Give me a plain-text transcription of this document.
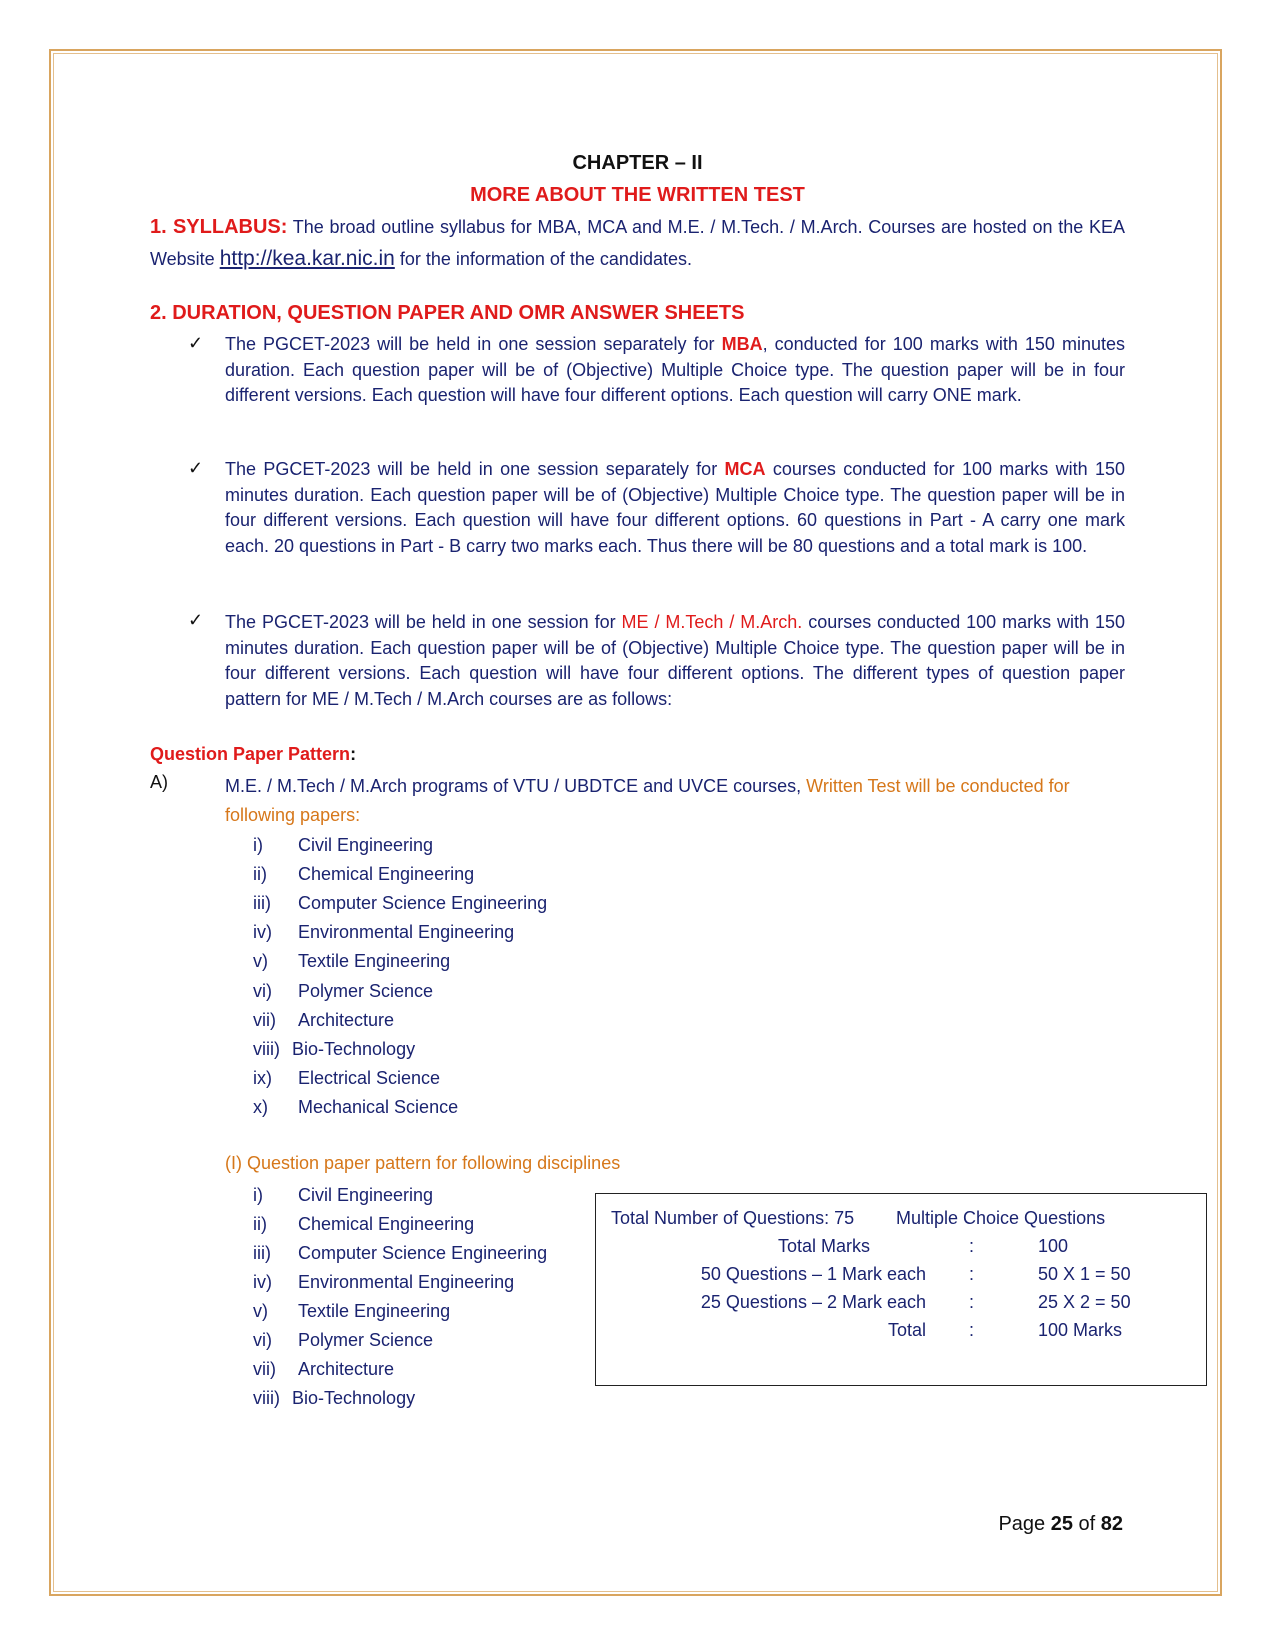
CHAPTER – II
MORE ABOUT THE WRITTEN TEST
1. SYLLABUS: The broad outline syllabus for MBA, MCA and M.E. / M.Tech. / M.Arch. Courses are hosted on the KEA Website http://kea.kar.nic.in for the information of the candidates.
2. DURATION, QUESTION PAPER AND OMR ANSWER SHEETS
✓ The PGCET-2023 will be held in one session separately for MBA, conducted for 100 marks with 150 minutes duration. Each question paper will be of (Objective) Multiple Choice type. The question paper will be in four different versions. Each question will have four different options. Each question will carry ONE mark.
✓ The PGCET-2023 will be held in one session separately for MCA courses conducted for 100 marks with 150 minutes duration. Each question paper will be of (Objective) Multiple Choice type. The question paper will be in four different versions. Each question will have four different options. 60 questions in Part - A carry one mark each. 20 questions in Part - B carry two marks each. Thus there will be 80 questions and a total mark is 100.
✓ The PGCET-2023 will be held in one session for ME / M.Tech / M.Arch. courses conducted 100 marks with 150 minutes duration. Each question paper will be of (Objective) Multiple Choice type. The question paper will be in four different versions. Each question will have four different options. The different types of question paper pattern for ME / M.Tech / M.Arch courses are as follows:
Question Paper Pattern:
A)	M.E. / M.Tech / M.Arch programs of VTU / UBDTCE and UVCE courses, Written Test will be conducted for following papers:
i) Civil Engineering
ii) Chemical Engineering
iii) Computer Science Engineering
iv) Environmental Engineering
v) Textile Engineering
vi) Polymer Science
vii) Architecture
viii) Bio-Technology
ix) Electrical Science
x) Mechanical Science
(I) Question paper pattern for following disciplines
i) Civil Engineering
ii) Chemical Engineering
iii) Computer Science Engineering
iv) Environmental Engineering
v) Textile Engineering
vi) Polymer Science
vii) Architecture
viii) Bio-Technology
Total Number of Questions: 75 Multiple Choice Questions
Total Marks	:	100
50 Questions – 1 Mark each :	50 X 1 = 50
25 Questions – 2 Mark each :	25 X 2 = 50
Total :	100 Marks
Page 25 of 82
